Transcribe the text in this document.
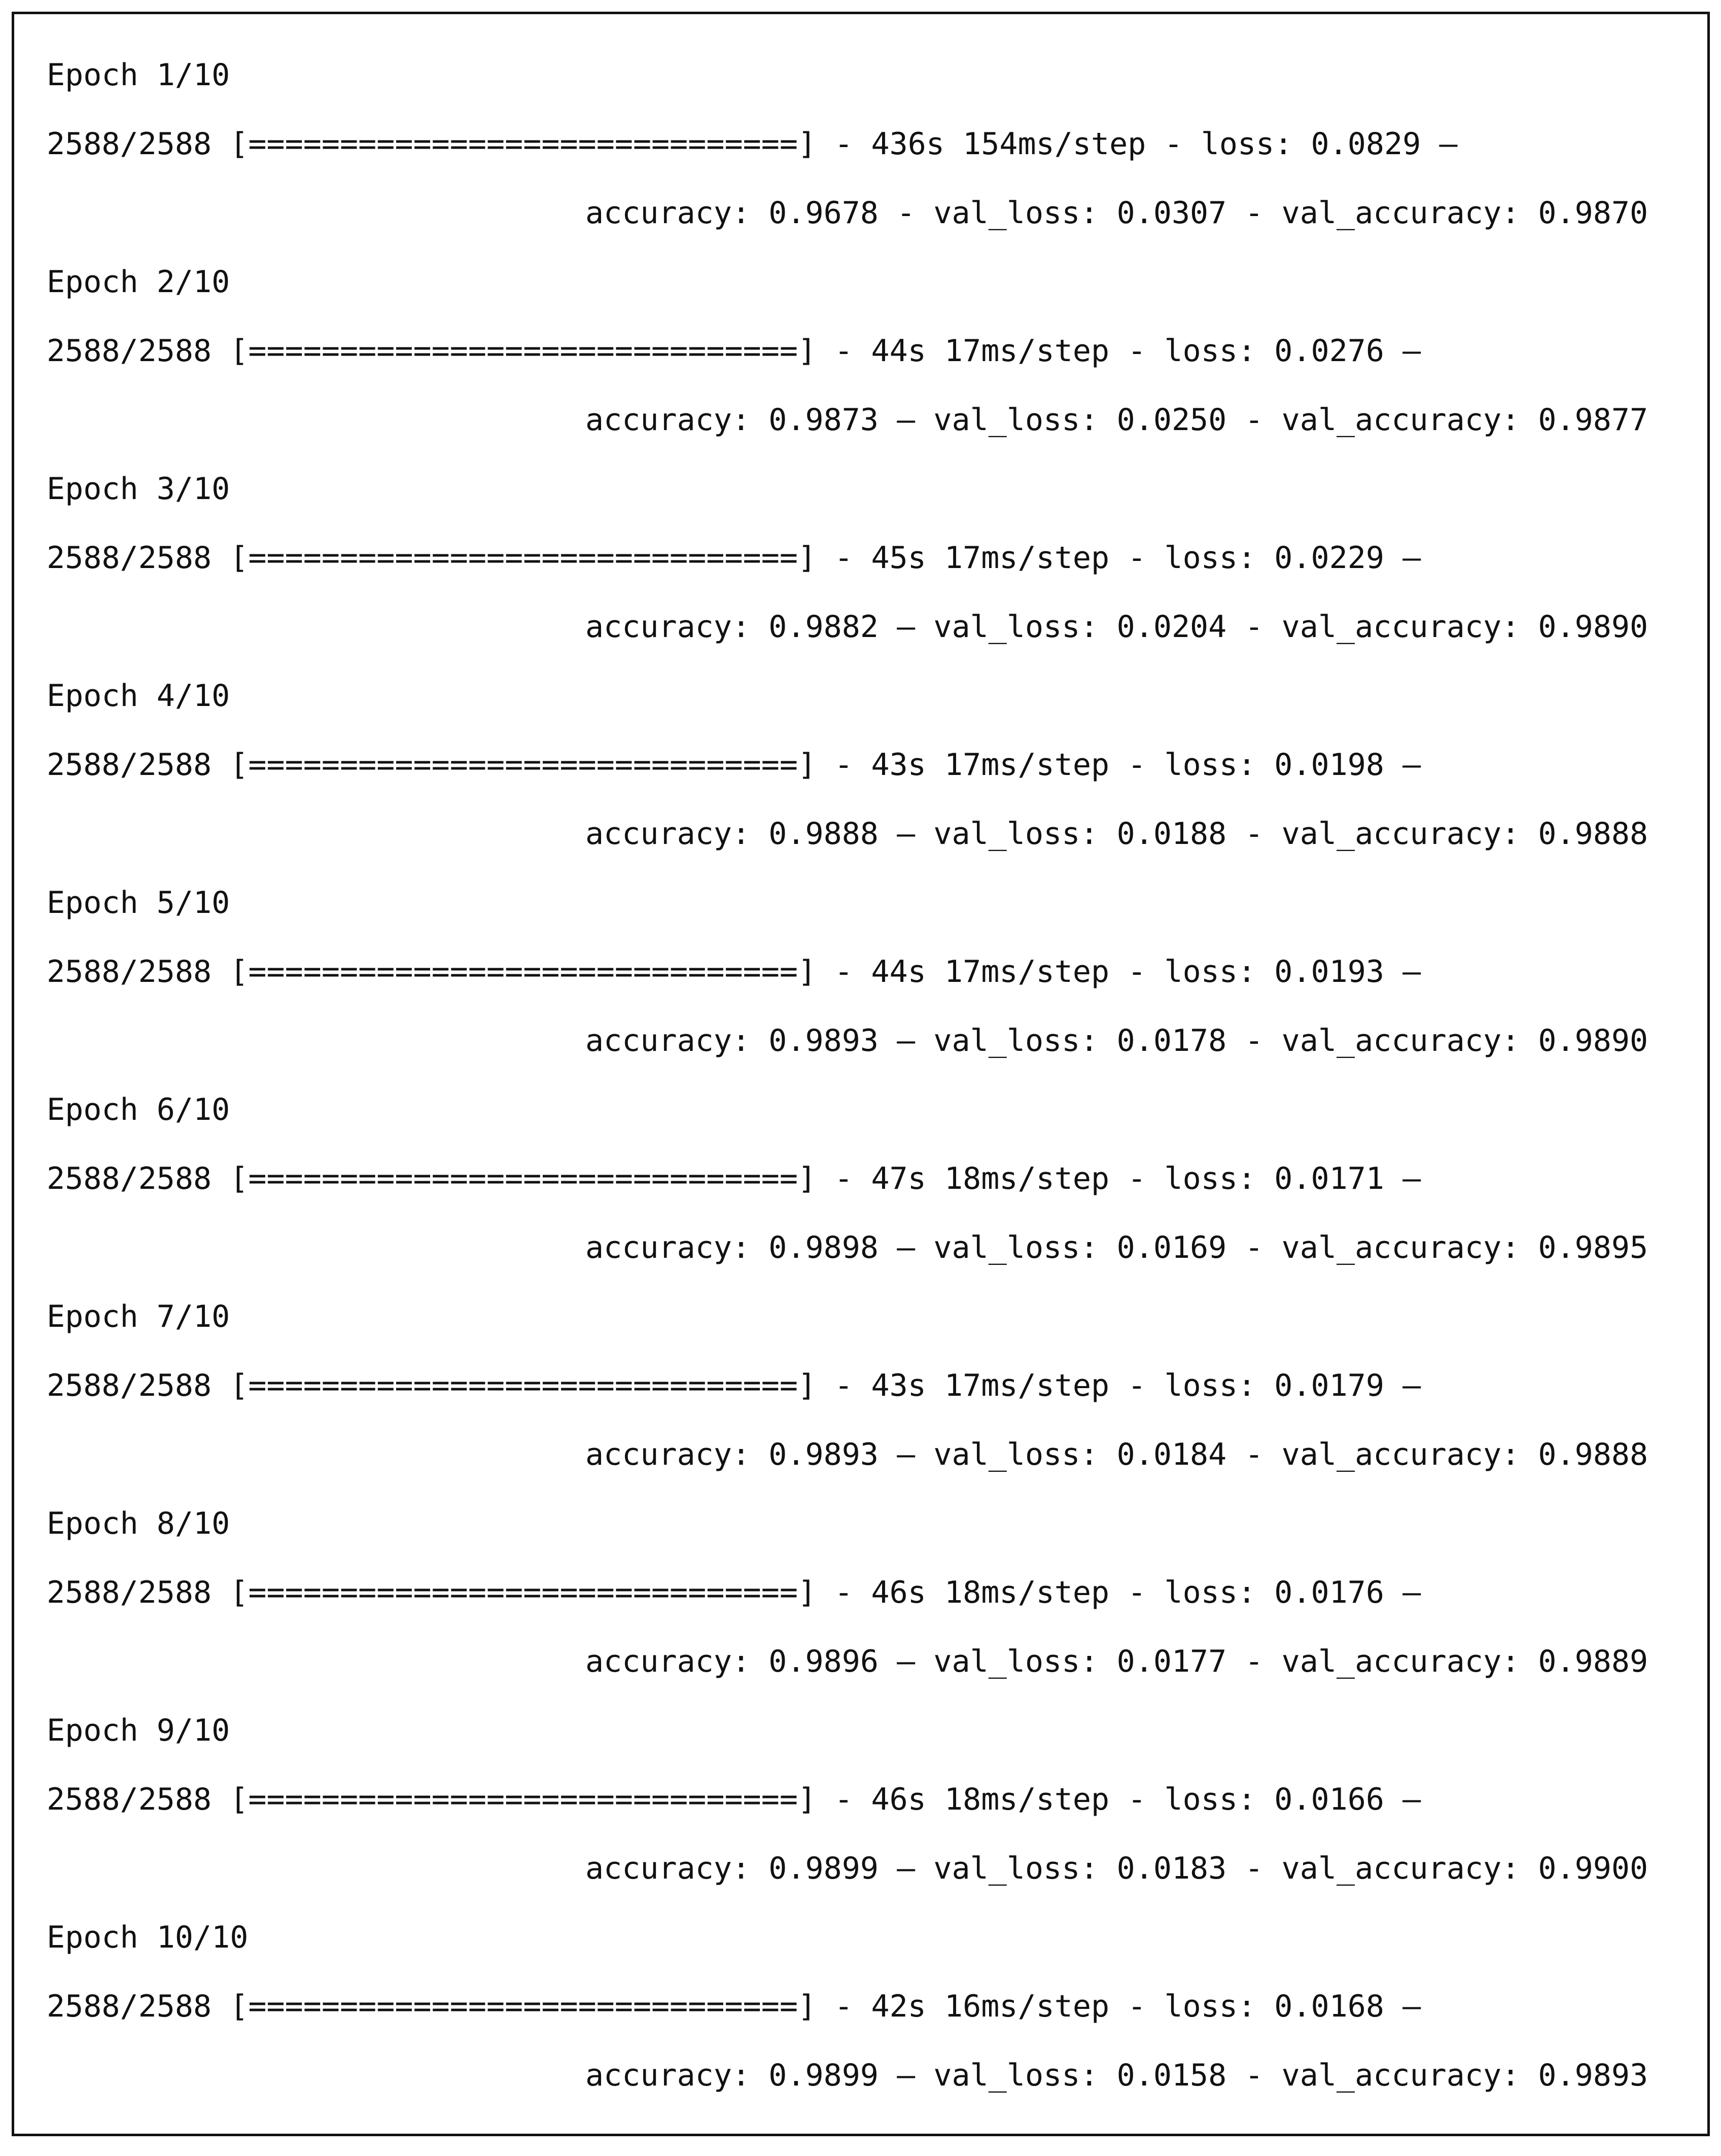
Epoch 1/10
2588/2588 [==============================] - 436s 154ms/step - loss: 0.0829 –
accuracy: 0.9678 - val_loss: 0.0307 - val_accuracy: 0.9870
Epoch 2/10
2588/2588 [==============================] - 44s 17ms/step - loss: 0.0276 –
accuracy: 0.9873 – val_loss: 0.0250 - val_accuracy: 0.9877
Epoch 3/10
2588/2588 [==============================] - 45s 17ms/step - loss: 0.0229 –
accuracy: 0.9882 – val_loss: 0.0204 - val_accuracy: 0.9890
Epoch 4/10
2588/2588 [==============================] - 43s 17ms/step - loss: 0.0198 –
accuracy: 0.9888 – val_loss: 0.0188 - val_accuracy: 0.9888
Epoch 5/10
2588/2588 [==============================] - 44s 17ms/step - loss: 0.0193 –
accuracy: 0.9893 – val_loss: 0.0178 - val_accuracy: 0.9890
Epoch 6/10
2588/2588 [==============================] - 47s 18ms/step - loss: 0.0171 –
accuracy: 0.9898 – val_loss: 0.0169 - val_accuracy: 0.9895
Epoch 7/10
2588/2588 [==============================] - 43s 17ms/step - loss: 0.0179 –
accuracy: 0.9893 – val_loss: 0.0184 - val_accuracy: 0.9888
Epoch 8/10
2588/2588 [==============================] - 46s 18ms/step - loss: 0.0176 –
accuracy: 0.9896 – val_loss: 0.0177 - val_accuracy: 0.9889
Epoch 9/10
2588/2588 [==============================] - 46s 18ms/step - loss: 0.0166 –
accuracy: 0.9899 – val_loss: 0.0183 - val_accuracy: 0.9900
Epoch 10/10
2588/2588 [==============================] - 42s 16ms/step - loss: 0.0168 –
accuracy: 0.9899 – val_loss: 0.0158 - val_accuracy: 0.9893
